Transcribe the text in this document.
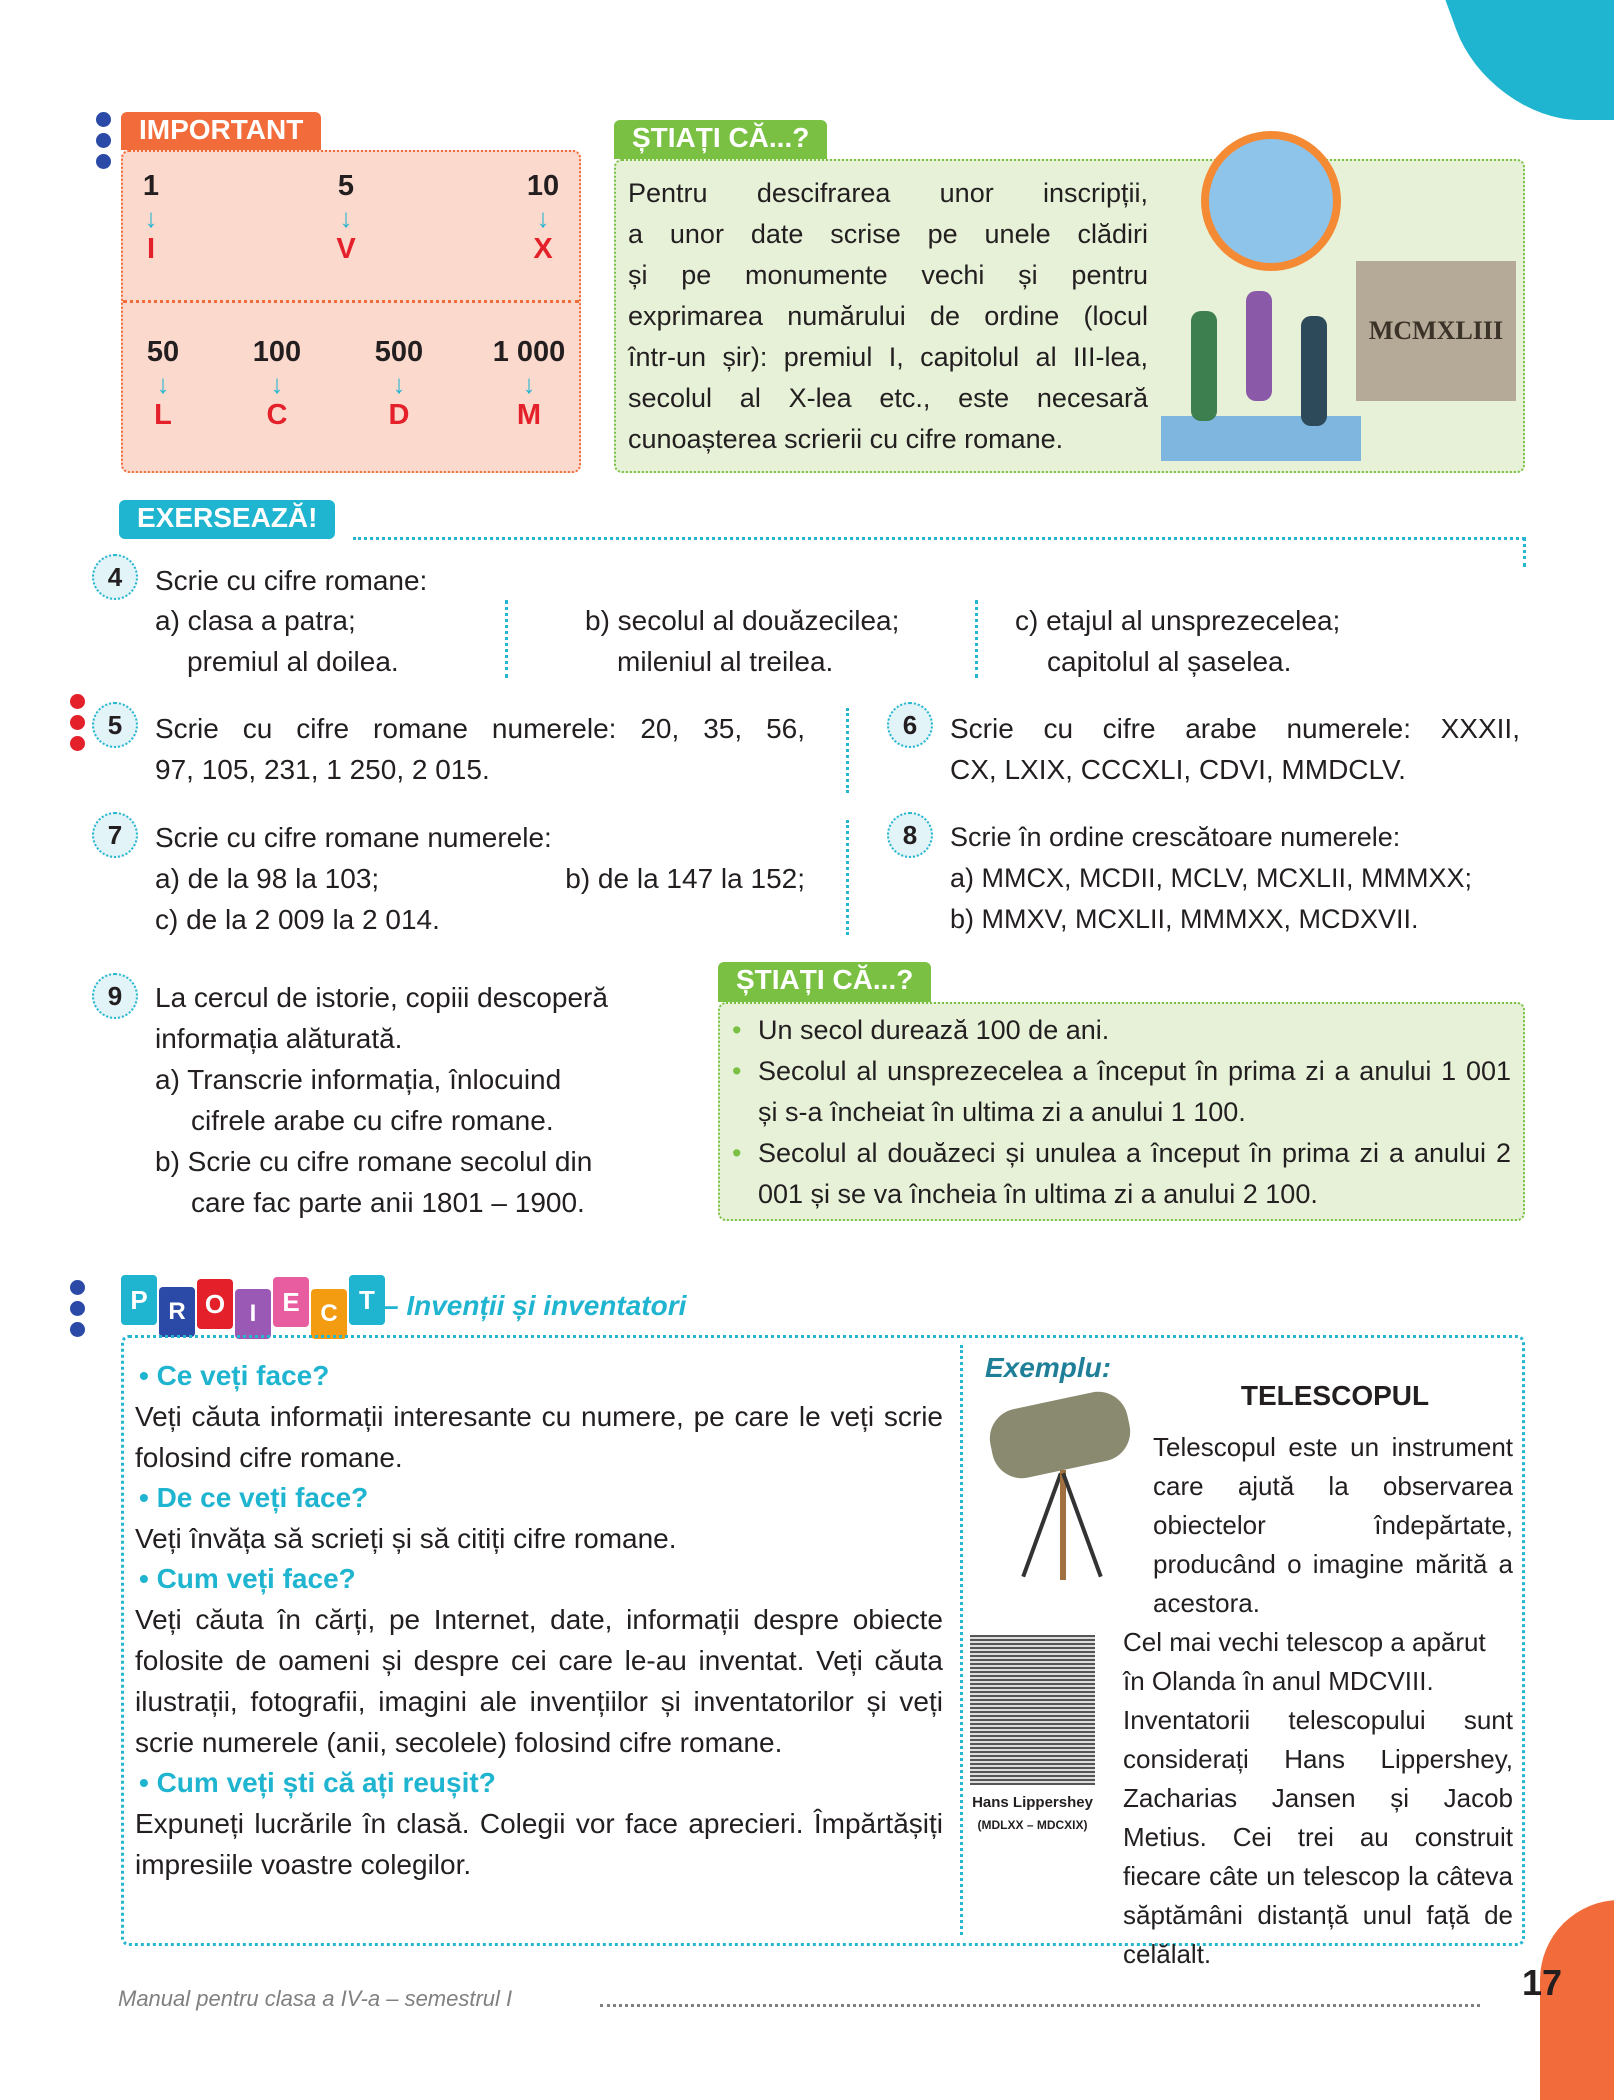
IMPORTANT
1
↓
I
5
↓
V
10
↓
X
50
↓
L
100
↓
C
500
↓
D
1 000
↓
M
ȘTIAȚI CĂ...?
Pentru descifrarea unor inscripții,
a unor date scrise pe unele clădiri
și pe monumente vechi și pentru
exprimarea numărului de ordine (locul
într-un șir): premiul I, capitolul al III-lea,
secolul al X-lea etc., este necesară
cunoașterea scrierii cu cifre romane.
MCMXLIII
EXERSEAZĂ!
4	Scrie cu cifre romane:
a) clasa a patra;
premiul al doilea.
b) secolul al douăzecilea;
mileniul al treilea.
c) etajul al unsprezecelea;
capitolul al șaselea.
5	Scrie cu cifre romane numerele: 20, 35, 56,
97, 105, 231, 1 250, 2 015.
6	Scrie cu cifre arabe numerele: XXXII,
CX, LXIX, CCCXLI, CDVI, MMDCLV.
7	Scrie cu cifre romane numerele:
a) de la 98 la 103;	b) de la 147 la 152;
c) de la 2 009 la 2 014.
8	Scrie în ordine crescătoare numerele:
a) MMCX, MCDII, MCLV, MCXLII, MMMXX;
b) MMXV, MCXLII, MMMXX, MCDXVII.
9	La cercul de istorie, copiii descoperă
informația alăturată.
a) Transcrie informația, înlocuind
cifrele arabe cu cifre romane.
b) Scrie cu cifre romane secolul din
care fac parte anii 1801 – 1900.
ȘTIAȚI CĂ...?
• Un secol durează 100 de ani.
• Secolul al unsprezecelea a început în prima zi a anului 1 001 și s-a încheiat în ultima zi a anului 1 100.
• Secolul al douăzeci și unulea a început în prima zi a anului 2 001 și se va încheia în ultima zi a anului 2 100.
P R O	I	E C T – Invenții și inventatori
• Ce veți face?
Veți căuta informații interesante cu numere, pe care le veți scrie folosind cifre romane.
• De ce veți face?
Veți învăța să scrieți și să citiți cifre romane.
• Cum veți face?
Veți căuta în cărți, pe Internet, date, informații despre obiecte folosite de oameni și despre cei care le-au inventat. Veți căuta ilustrații, fotografii, imagini ale invențiilor și inventatorilor și veți scrie numerele (anii, secolele) folosind cifre romane.
• Cum veți ști că ați reușit?
Expuneți lucrările în clasă. Colegii vor face aprecieri. Împărtășiți impresiile voastre colegilor.
Exemplu:
TELESCOPUL
Telescopul este un instrument care ajută la observarea obiectelor îndepărtate, producând o imagine mărită a acestora.
Hans Lippershey
(MDLXX – MDCXIX)
Cel mai vechi telescop a apărut în Olanda în anul MDCVIII.
Inventatorii telescopului sunt considerați Hans Lippershey, Zacharias Jansen și Jacob Metius. Cei trei au construit fiecare câte un telescop la câteva săptămâni distanță unul față de celălalt.
Manual pentru clasa a IV-a – semestrul I	17
